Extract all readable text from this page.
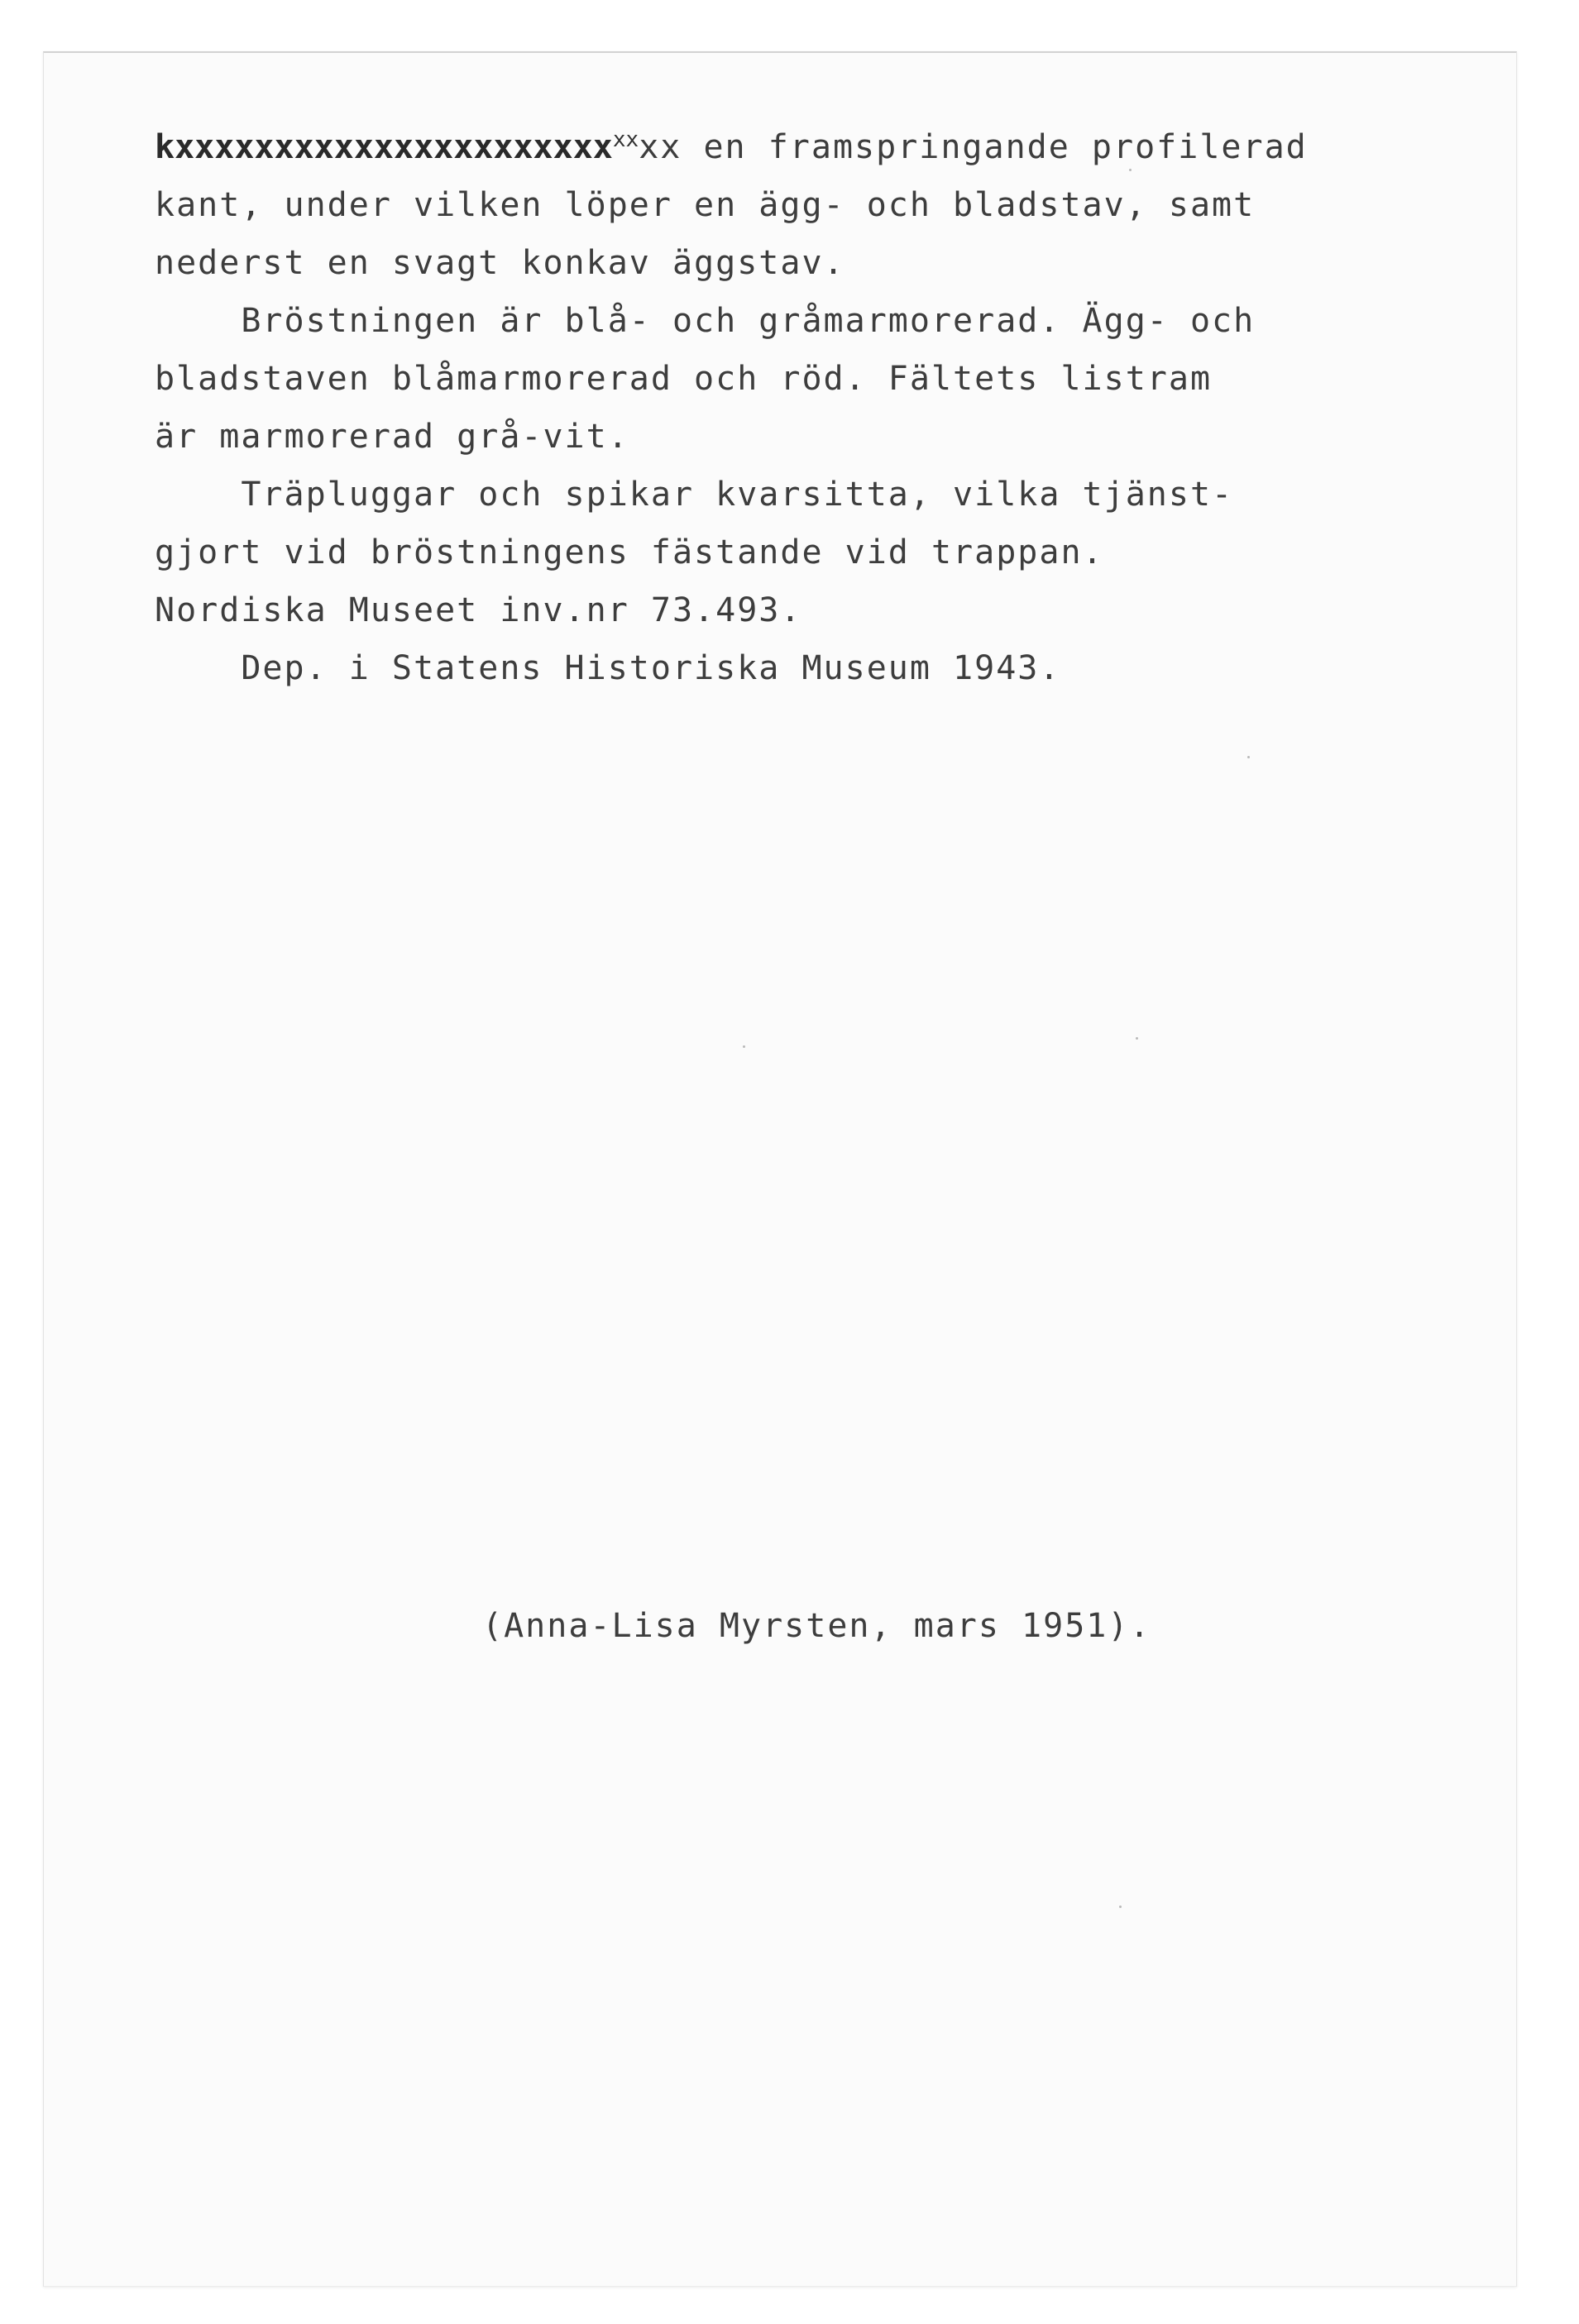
kxxxxxxxxxxxxxxxxxxxxxx$^{xx}$xx en framspringande profilerad

kant, under vilken löper en ägg- och bladstav, samt

nederst en svagt konkav äggstav.

Bröstningen är blå- och gråmarmorerad. Ägg- och

bladstaven blåmarmorerad och röd. Fältets listram

är marmorerad grå-vit.

Träpluggar och spikar kvarsitta, vilka tjänst-

gjort vid bröstningens fästande vid trappan.

Nordiska Museet inv.nr 73.493.

Dep. i Statens Historiska Museum 1943.

(Anna-Lisa Myrsten, mars 1951).
